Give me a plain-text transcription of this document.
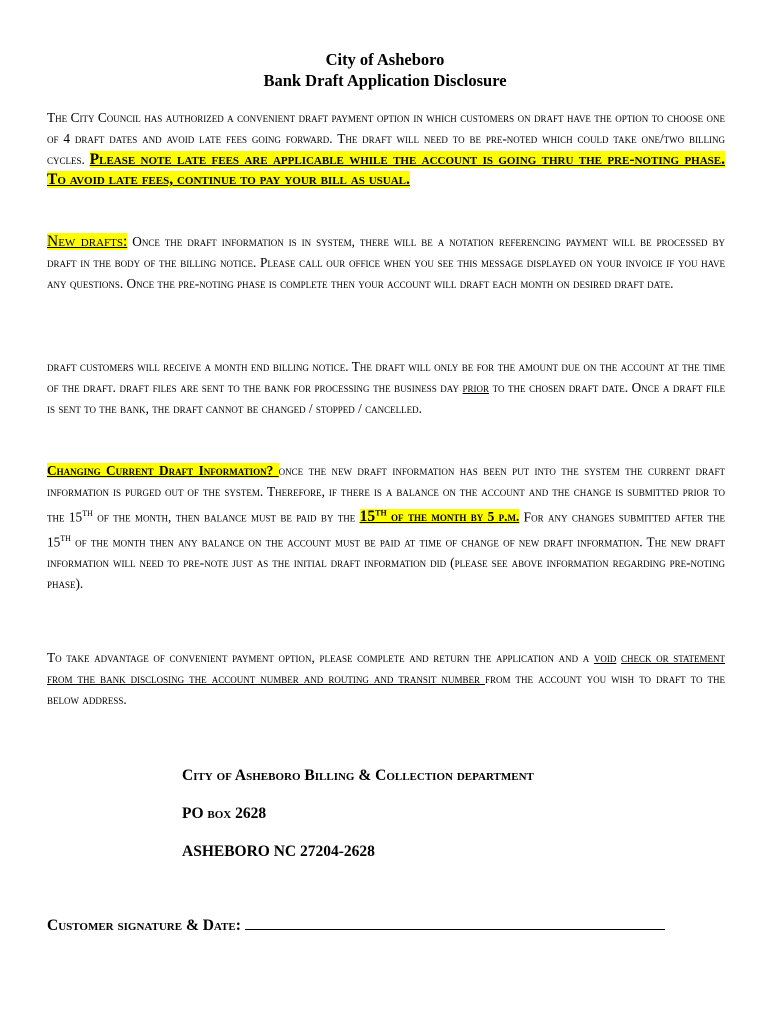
City of Asheboro
Bank Draft Application Disclosure

The City Council has authorized a convenient draft payment option in which customers on draft have the option to choose one of 4 draft dates and avoid late fees going forward. The draft will need to be pre-noted which could take one/two billing cycles. Please note late fees are applicable while the account is going thru the pre-noting phase. To avoid late fees, continue to pay your bill as usual.

New drafts: Once the draft information is in system, there will be a notation referencing payment will be processed by draft in the body of the billing notice. Please call our office when you see this message displayed on your invoice if you have any questions. Once the pre-noting phase is complete then your account will draft each month on desired draft date.

draft customers will receive a month end billing notice. The draft will only be for the amount due on the account at the time of the draft. draft files are sent to the bank for processing the business day prior to the chosen draft date. Once a draft file is sent to the bank, the draft cannot be changed / stopped / cancelled.

Changing Current Draft Information? once the new draft information has been put into the system the current draft information is purged out of the system. Therefore, if there is a balance on the account and the change is submitted prior to the 15th of the month, then balance must be paid by the 15th of the month by 5 p.m. For any changes submitted after the 15th of the month then any balance on the account must be paid at time of change of new draft information. The new draft information will need to pre-note just as the initial draft information did (please see above information regarding pre-noting phase).

To take advantage of convenient payment option, please complete and return the application and a void check or statement from the bank disclosing the account number and routing and transit number from the account you wish to draft to the below address.

City of Asheboro Billing & Collection department
PO box 2628
ASHEBORO NC 27204-2628
Customer signature & Date:
